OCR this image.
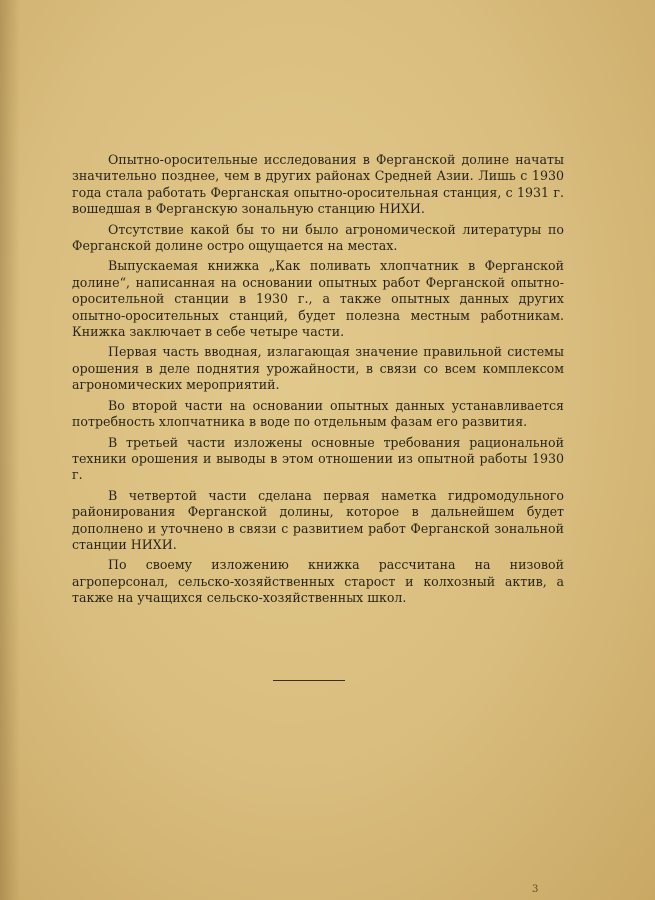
Опытно-оросительные исследования в Ферганской долине начаты значительно позднее, чем в других районах Средней Азии. Лишь с 1930 года стала работать Ферганская опытно-оросительная станция, с 1931 г. вошедшая в Ферганскую зональную станцию НИХИ.

Отсутствие какой бы то ни было агрономической литературы по Ферганской долине остро ощущается на местах.

Выпускаемая книжка „Как поливать хлопчатник в Ферганской долине“, написанная на основании опытных работ Ферганской опытно-оросительной станции в 1930 г., а также опытных данных других опытно-оросительных станций, будет полезна местным работникам. Книжка заключает в себе четыре части.

Первая часть вводная, излагающая значение правильной системы орошения в деле поднятия урожайности, в связи со всем комплексом агрономических мероприятий.

Во второй части на основании опытных данных устанавливается потребность хлопчатника в воде по отдельным фазам его развития.

В третьей части изложены основные требования рациональной техники орошения и выводы в этом отношении из опытной работы 1930 г.

В четвертой части сделана первая наметка гидромодульного районирования Ферганской долины, которое в дальнейшем будет дополнено и уточнено в связи с развитием работ Ферганской зональной станции НИХИ.

По своему изложению книжка рассчитана на низовой агроперсонал, сельско-хозяйственных старост и колхозный актив, а также на учащихся сельско-хозяйственных школ.

3
